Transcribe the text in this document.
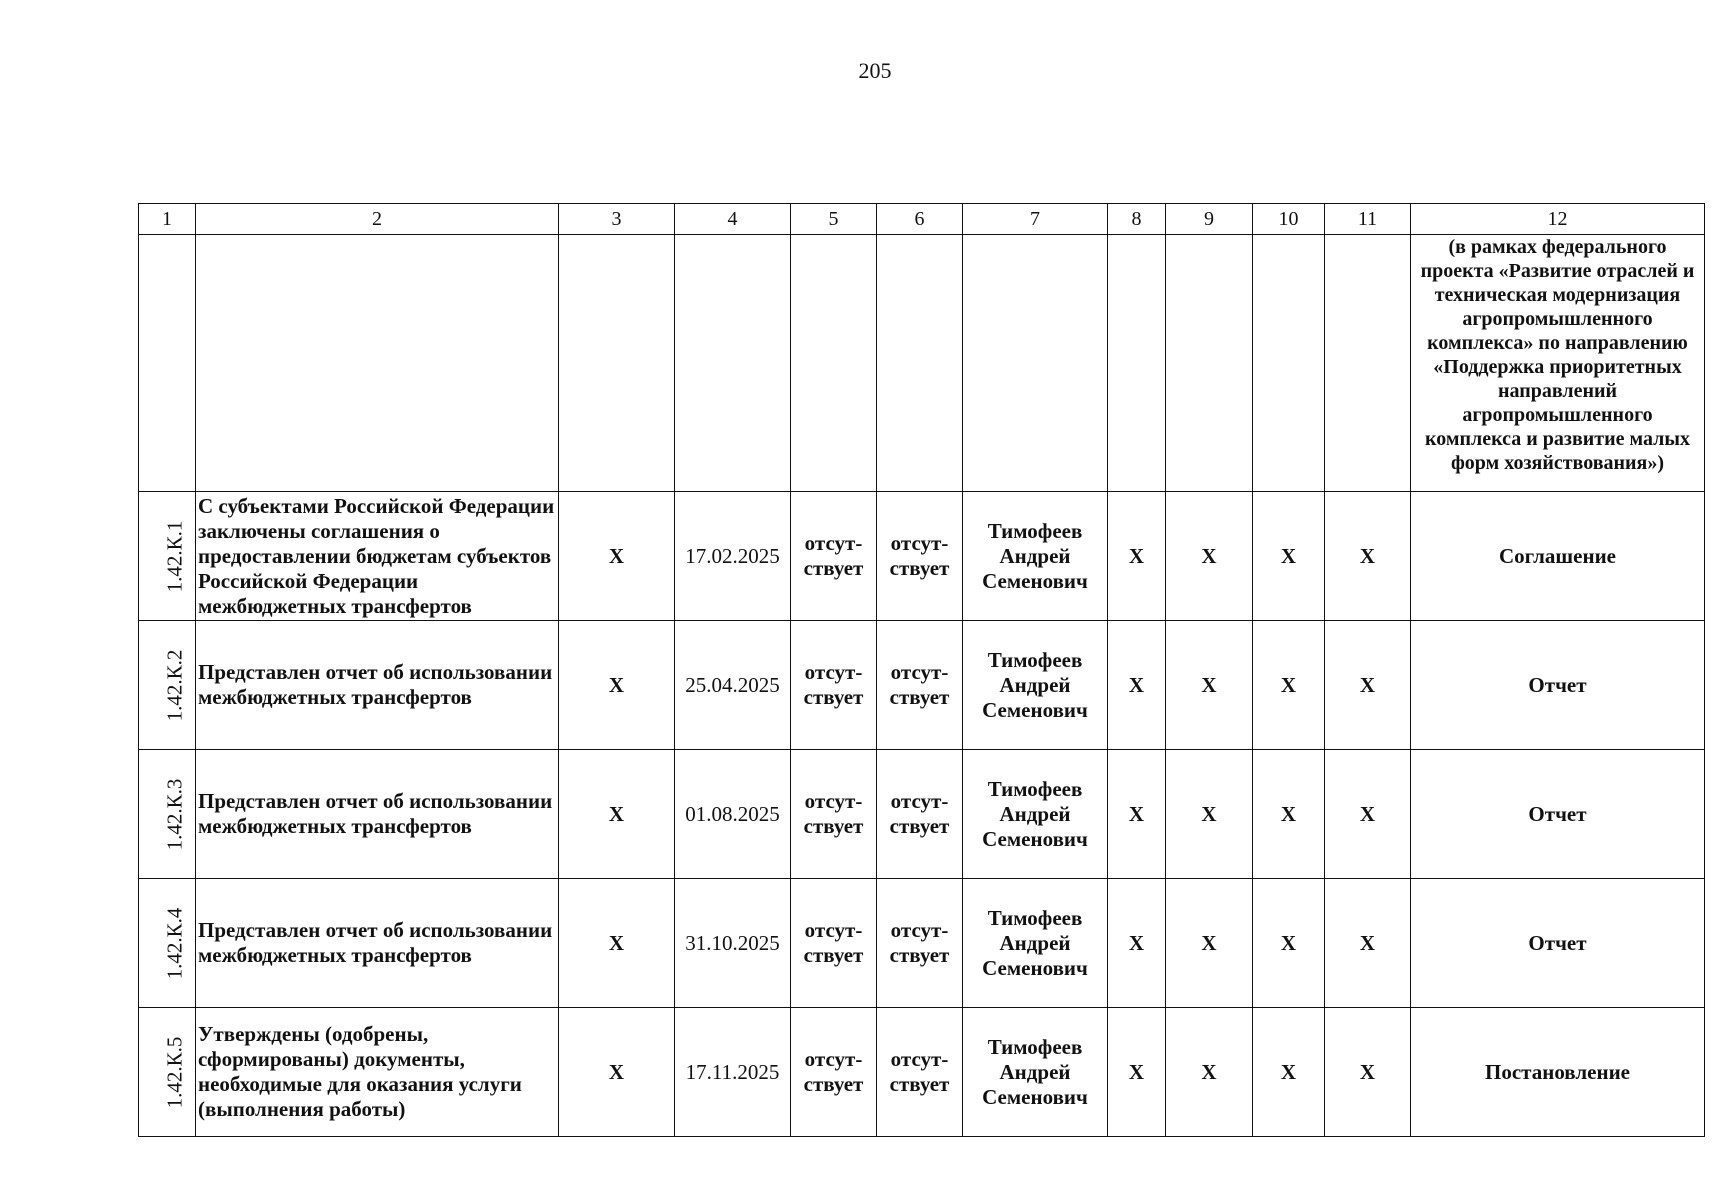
205
1	2	3	4	5	6	7	8	9	10	11	12
											(в рамках федерального проекта «Развитие отраслей и техническая модернизация агропромышленного комплекса» по направлению «Поддержка приоритетных направлений агропромышленного комплекса и развитие малых форм хозяйствования»)
1.42.К.1	С субъектами Российской Федерации заключены соглашения о предоставлении бюджетам субъектов Российской Федерации межбюджетных трансфертов	X	17.02.2025	отсут-ствует	отсут-ствует	Тимофеев Андрей Семенович	X	X	X	X	Соглашение
1.42.К.2	Представлен отчет об использовании межбюджетных трансфертов	X	25.04.2025	отсут-ствует	отсут-ствует	Тимофеев Андрей Семенович	X	X	X	X	Отчет
1.42.К.3	Представлен отчет об использовании межбюджетных трансфертов	X	01.08.2025	отсут-ствует	отсут-ствует	Тимофеев Андрей Семенович	X	X	X	X	Отчет
1.42.К.4	Представлен отчет об использовании межбюджетных трансфертов	X	31.10.2025	отсут-ствует	отсут-ствует	Тимофеев Андрей Семенович	X	X	X	X	Отчет
1.42.К.5	Утверждены (одобрены, сформированы) документы, необходимые для оказания услуги (выполнения работы)	X	17.11.2025	отсут-ствует	отсут-ствует	Тимофеев Андрей Семенович	X	X	X	X	Постановление
